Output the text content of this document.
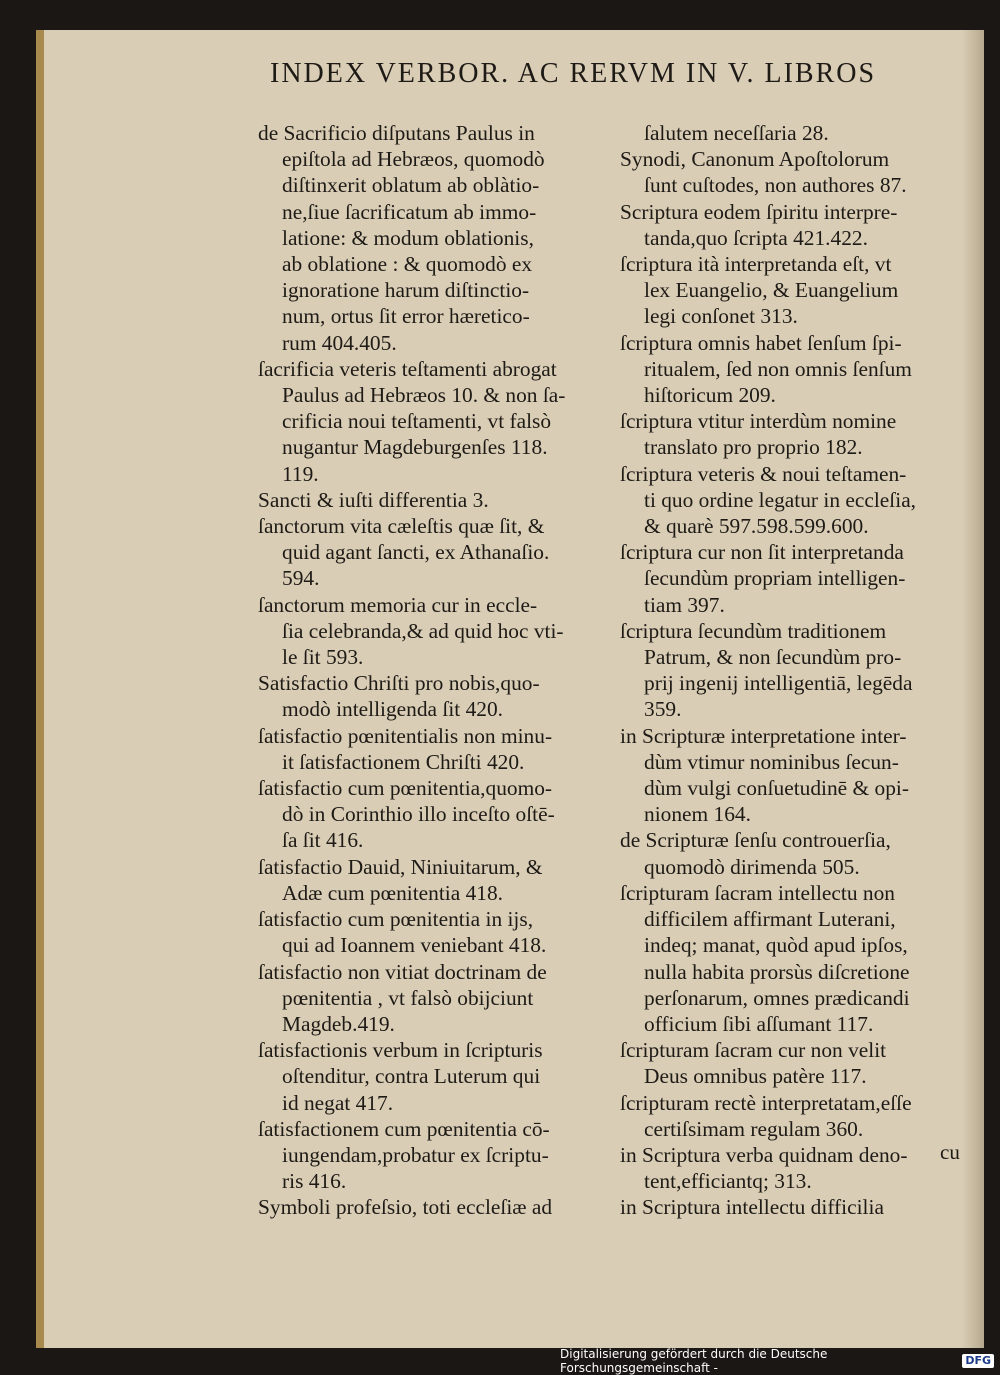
INDEX VERBOR. AC RERVM IN V. LIBROS

de Sacrificio diſputans Paulus in
epiſtola ad Hebræos, quomodò
diſtinxerit oblatum ab oblàtio-
ne,ſiue ſacrificatum ab immo-
latione: & modum oblationis,
ab oblatione : & quomodò ex
ignoratione harum diſtinctio-
num, ortus ſit error hæretico-
rum 404.405.

ſacrificia veteris teſtamenti abrogat
Paulus ad Hebræos 10. & non ſa-
crificia noui teſtamenti, vt falsò
nugantur Magdeburgenſes 118.
119.

Sancti & iuſti differentia 3.

ſanctorum vita cæleſtis quæ ſit, &
quid agant ſancti, ex Athanaſio.
594.

ſanctorum memoria cur in eccle-
ſia celebranda,& ad quid hoc vti-
le ſit 593.

Satisfactio Chriſti pro nobis,quo-
modò intelligenda ſit 420.

ſatisfactio pœnitentialis non minu-
it ſatisfactionem Chriſti 420.

ſatisfactio cum pœnitentia,quomo-
dò in Corinthio illo inceſto oſtē-
ſa ſit 416.

ſatisfactio Dauid, Niniuitarum, &
Adæ cum pœnitentia 418.

ſatisfactio cum pœnitentia in ijs,
qui ad Ioannem veniebant 418.

ſatisfactio non vitiat doctrinam de
pœnitentia , vt falsò obijciunt
Magdeb.419.

ſatisfactionis verbum in ſcripturis
oſtenditur, contra Luterum qui
id negat 417.

ſatisfactionem cum pœnitentia cō-
iungendam,probatur ex ſcriptu-
ris 416.

Symboli profeſsio, toti eccleſiæ ad

ſalutem neceſſaria 28.

Synodi, Canonum Apoſtolorum
ſunt cuſtodes, non authores 87.

Scriptura eodem ſpiritu interpre-
tanda,quo ſcripta 421.422.

ſcriptura ità interpretanda eſt, vt
lex Euangelio, & Euangelium
legi conſonet 313.

ſcriptura omnis habet ſenſum ſpi-
ritualem, ſed non omnis ſenſum
hiſtoricum 209.

ſcriptura vtitur interdùm nomine
translato pro proprio 182.

ſcriptura veteris & noui teſtamen-
ti quo ordine legatur in eccleſia,
& quarè 597.598.599.600.

ſcriptura cur non ſit interpretanda
ſecundùm propriam intelligen-
tiam 397.

ſcriptura ſecundùm traditionem
Patrum, & non ſecundùm pro-
prij ingenij intelligentiā, legēda
359.

in Scripturæ interpretatione inter-
dùm vtimur nominibus ſecun-
dùm vulgi conſuetudinē & opi-
nionem 164.

de Scripturæ ſenſu controuerſia,
quomodò dirimenda 505.

ſcripturam ſacram intellectu non
difficilem affirmant Luterani,
indeq; manat, quòd apud ipſos,
nulla habita prorsùs diſcretione
perſonarum, omnes prædicandi
officium ſibi aſſumant 117.

ſcripturam ſacram cur non velit
Deus omnibus patère 117.

ſcripturam rectè interpretatam,eſſe
certiſsimam regulam 360.

in Scriptura verba quidnam deno-
tent,efficiantq; 313.

in Scriptura intellectu difficilia

cu
Digitalisierung gefördert durch die Deutsche Forschungsgemeinschaft -
DFG
